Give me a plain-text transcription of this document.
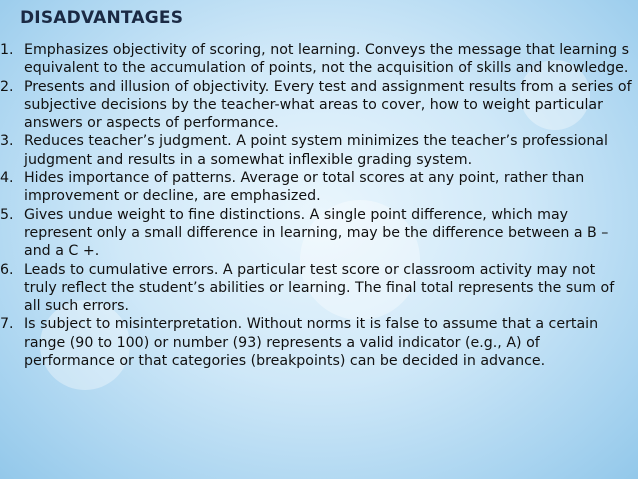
DISADVANTAGES
1. Emphasizes objectivity of scoring, not learning. Conveys the message that learning s equivalent to the accumulation of points, not the acquisition of skills and knowledge.
2. Presents and illusion of objectivity. Every test and assignment results from a series of subjective decisions by the teacher-what areas to cover, how to weight particular answers or aspects of performance.
3. Reduces teacher’s judgment. A point system minimizes the teacher’s professional judgment and results in a somewhat inflexible grading system.
4. Hides importance of patterns. Average or total scores at any point, rather than improvement or decline, are emphasized.
5. Gives undue weight to fine distinctions. A single point difference, which may represent only a small difference in learning, may be the difference between a B – and a C +.
6. Leads to cumulative errors. A particular test score or classroom activity may not truly reflect the student’s abilities or learning. The final total represents the sum of all such errors.
7. Is subject to misinterpretation. Without norms it is false to assume that a certain range (90 to 100) or number (93) represents a valid indicator (e.g., A) of performance or that categories (breakpoints) can be decided in advance.
